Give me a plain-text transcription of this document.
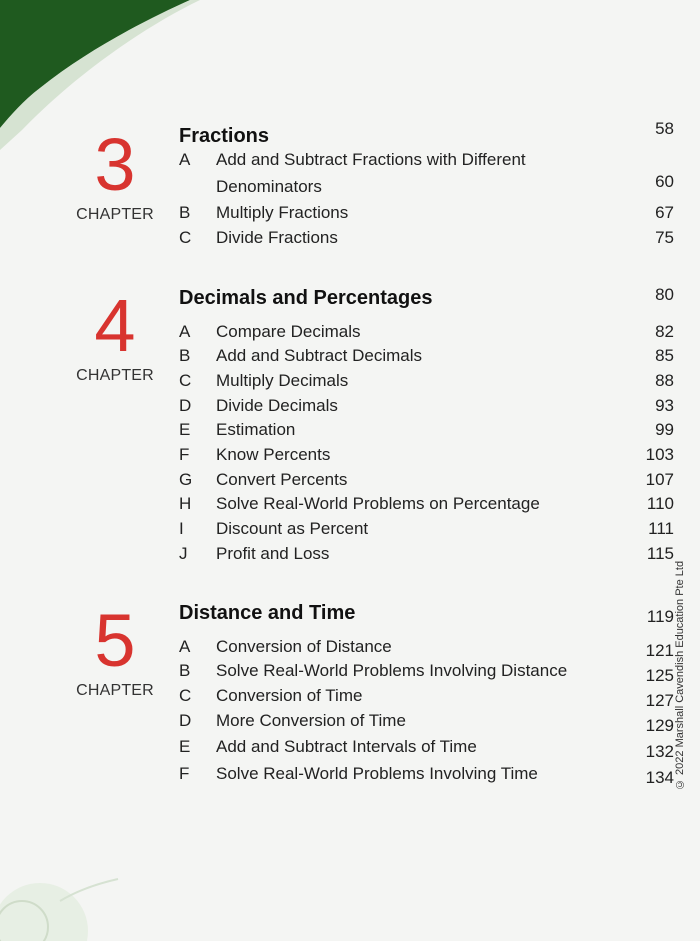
3
CHAPTER
Fractions	58
A	Add and Subtract Fractions with Different
Denominators	60
B	Multiply Fractions	67
C	Divide Fractions	75
4
CHAPTER
Decimals and Percentages	80
A	Compare Decimals	82
B	Add and Subtract Decimals	85
C	Multiply Decimals	88
D	Divide Decimals	93
E	Estimation	99
F	Know Percents	103
G	Convert Percents	107
H	Solve Real-World Problems on Percentage	110
I	Discount as Percent	111
J	Profit and Loss	115
5
CHAPTER
Distance and Time	119
A	Conversion of Distance	121
B	Solve Real-World Problems Involving Distance	125
C	Conversion of Time	127
D	More Conversion of Time	129
E	Add and Subtract Intervals of Time	132
F	Solve Real-World Problems Involving Time	134 © 2022 Marshall Cavendish Education Pte Ltd
